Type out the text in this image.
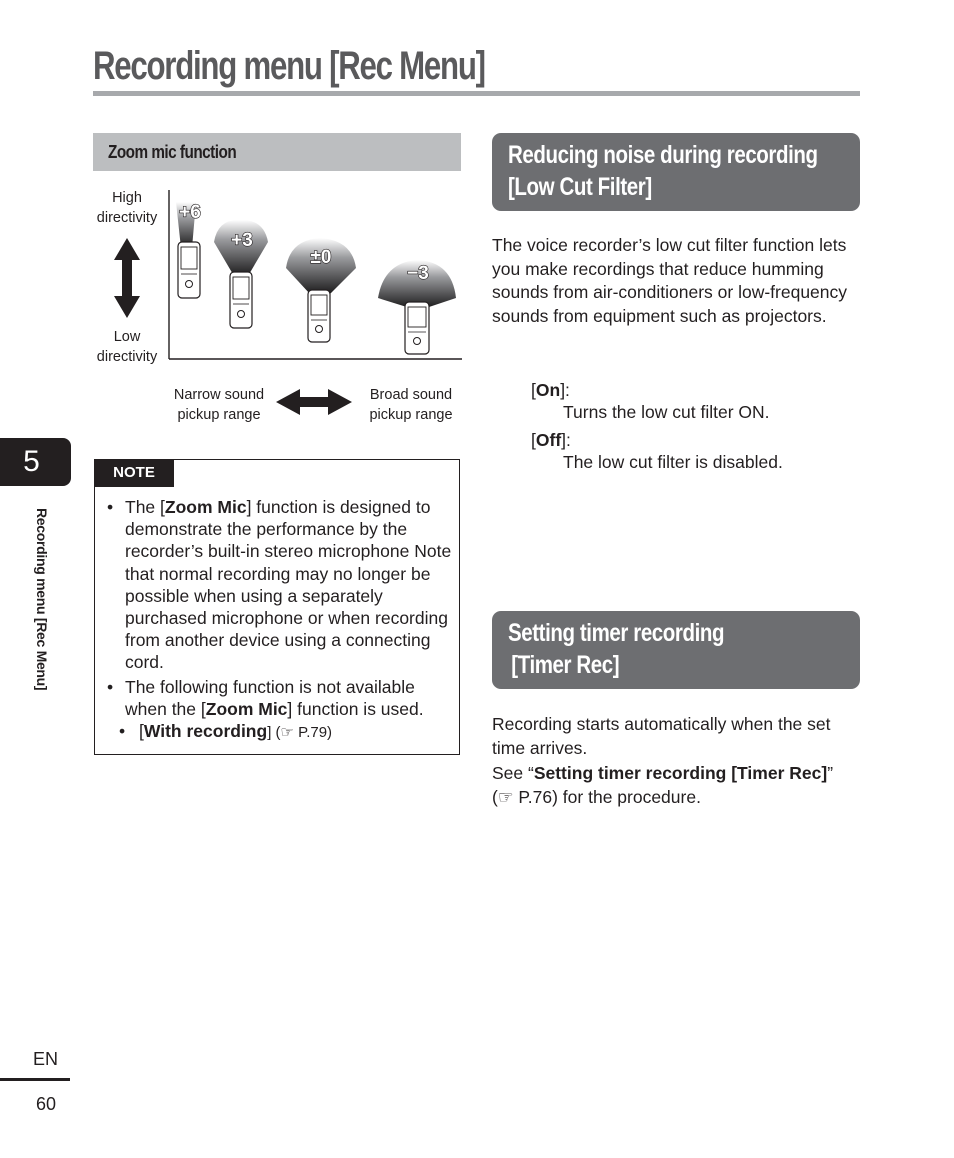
Recording menu [Rec Menu]
5
Recording menu [Rec Menu]
EN
60
Zoom mic function
High
directivity
Low
directivity
+6
+3
±0
−3
Narrow sound
pickup range
Broad sound
pickup range
NOTE
• The [Zoom Mic] function is designed to demonstrate the performance by the recorder’s built-in stereo microphone Note that normal recording may no longer be possible when using a separately purchased microphone or when recording from another device using a connecting cord.
• The following function is not available when the [Zoom Mic] function is used.
• [With recording] (☞ P.79)
Reducing noise during recording
[Low Cut Filter]
The voice recorder’s low cut filter function lets you make recordings that reduce humming sounds from air-conditioners or low-frequency sounds from equipment such as projectors.
[On]:
Turns the low cut filter ON.
[Off]:
The low cut filter is disabled.
Setting timer recording
[Timer Rec]
Recording starts automatically when the set time arrives.
See “Setting timer recording [Timer Rec]”
(☞ P.76) for the procedure.
